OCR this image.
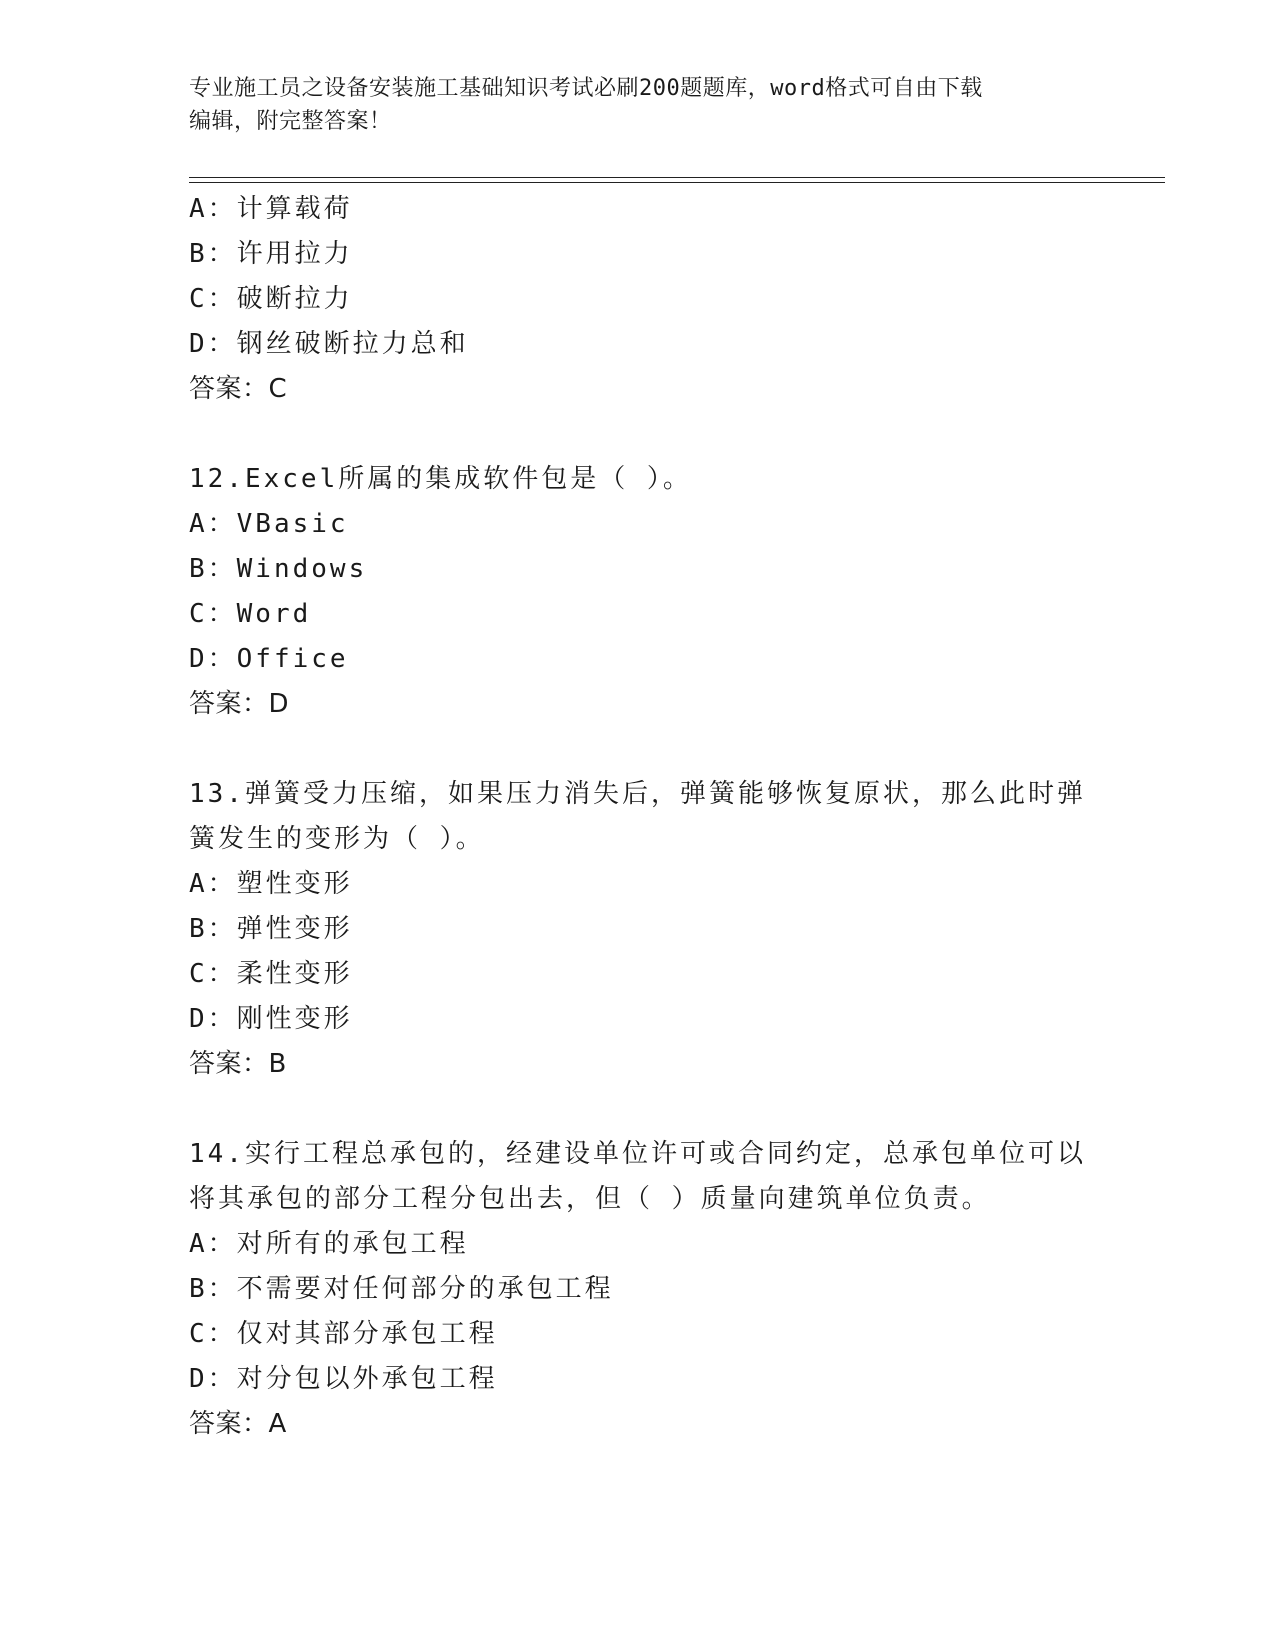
专业施工员之设备安装施工基础知识考试必刷200题题库，word格式可自由下载
编辑，附完整答案！
A：计算载荷
B：许用拉力
C：破断拉力
D：钢丝破断拉力总和
答案：C
12.Excel所属的集成软件包是（ ）。
A：VBasic
B：Windows
C：Word
D：Office
答案：D
13.弹簧受力压缩，如果压力消失后，弹簧能够恢复原状，那么此时弹
簧发生的变形为（ ）。
A：塑性变形
B：弹性变形
C：柔性变形
D：刚性变形
答案：B
14.实行工程总承包的，经建设单位许可或合同约定，总承包单位可以
将其承包的部分工程分包出去，但（ ）质量向建筑单位负责。
A：对所有的承包工程
B：不需要对任何部分的承包工程
C：仅对其部分承包工程
D：对分包以外承包工程
答案：A
